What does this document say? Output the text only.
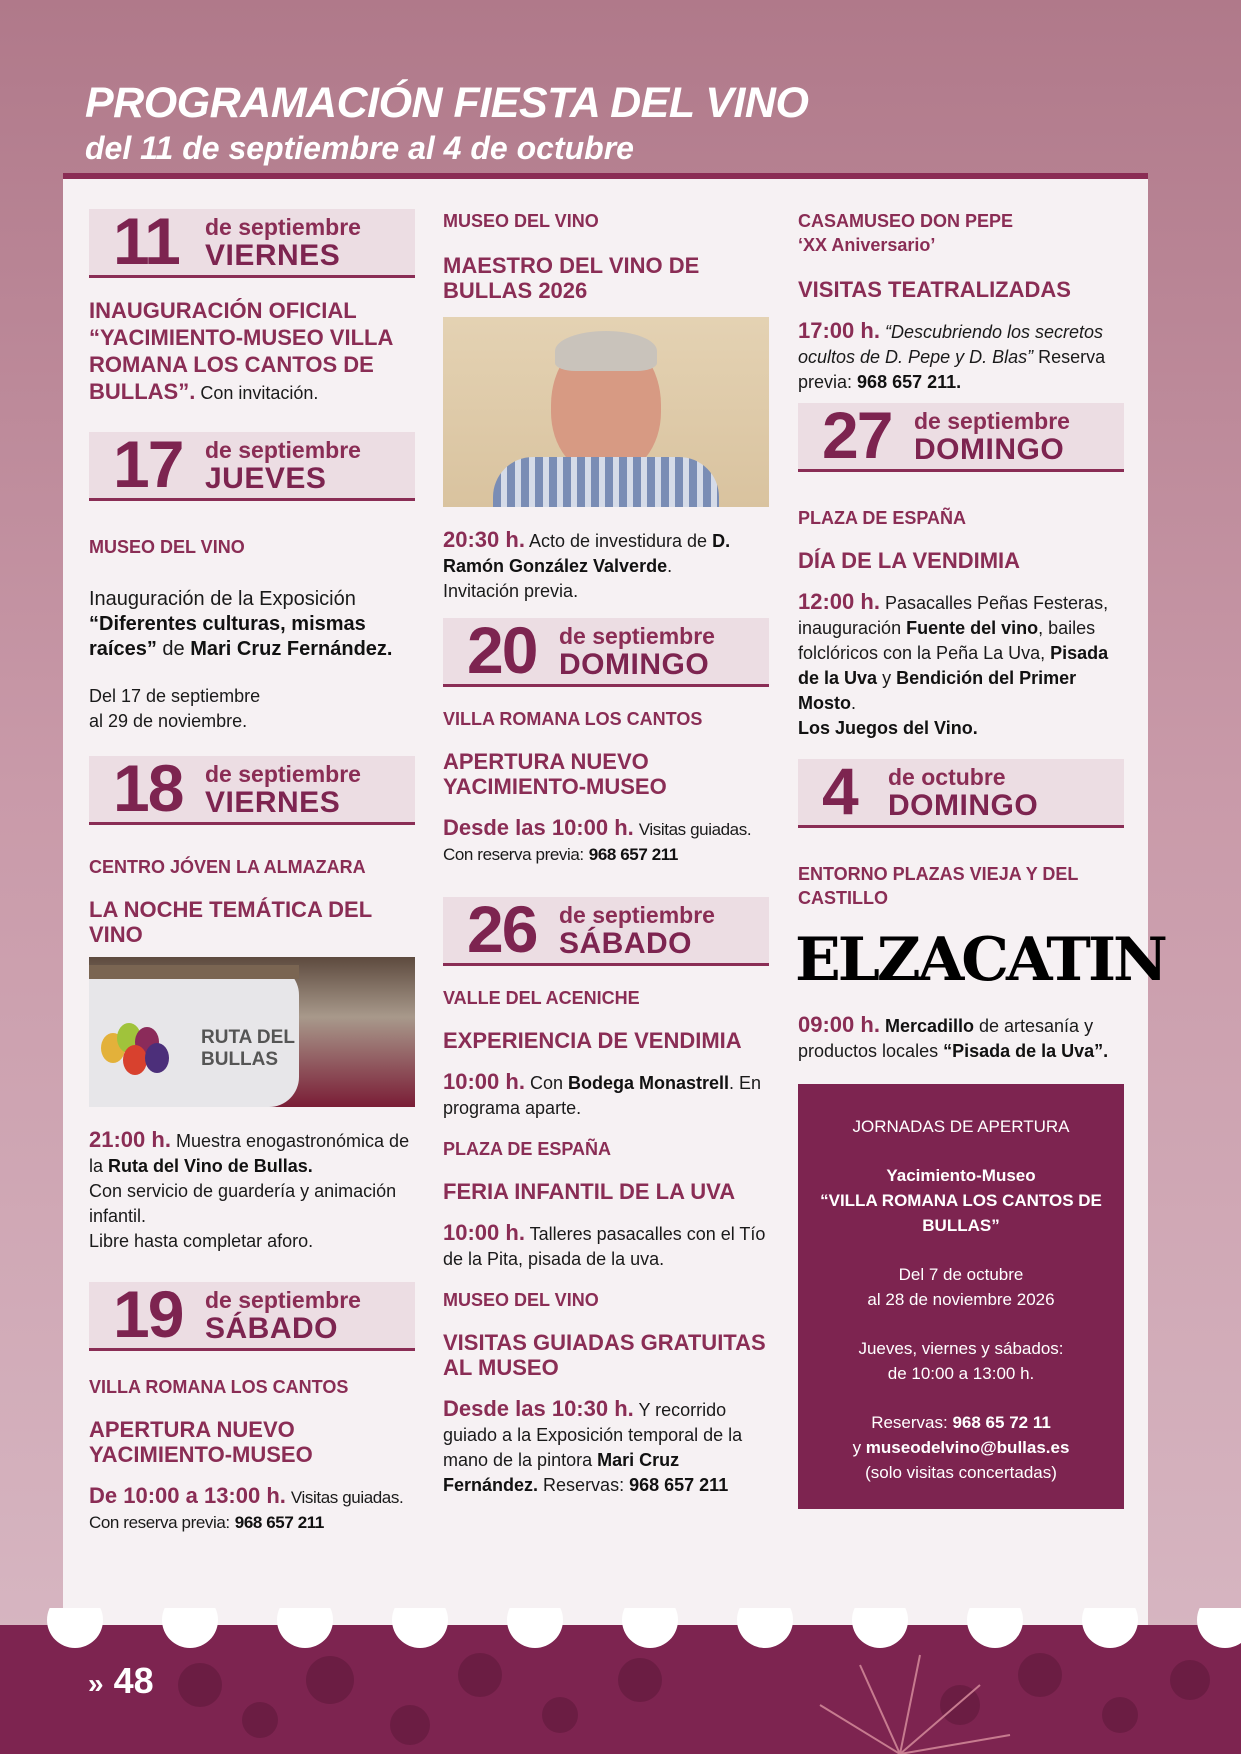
PROGRAMACIÓN FIESTA DEL VINO
del 11 de septiembre al 4 de octubre
11 de septiembre
VIERNES

INAUGURACIÓN OFICIAL “YACIMIENTO-MUSEO VILLA ROMANA LOS CANTOS DE BULLAS”. Con invitación.

17 de septiembre
JUEVES
MUSEO DEL VINO

Inauguración de la Exposición
“Diferentes culturas, mismas raíces” de Mari Cruz Fernández.

Del 17 de septiembre
al 29 de noviembre.

18 de septiembre
VIERNES
CENTRO JÓVEN LA ALMAZARA
LA NOCHE TEMÁTICA DEL VINO
RUTA DEL
BULLAS

21:00 h. Muestra enogastronómica de la Ruta del Vino de Bullas.
Con servicio de guardería y animación infantil.
Libre hasta completar aforo.

19 de septiembre
SÁBADO
VILLA ROMANA LOS CANTOS
APERTURA NUEVO YACIMIENTO-MUSEO

De 10:00 a 13:00 h. Visitas guiadas. Con reserva previa: 968 657 211

MUSEO DEL VINO
MAESTRO DEL VINO DE BULLAS 2026

20:30 h. Acto de investidura de D. Ramón González Valverde.
Invitación previa.

20 de septiembre
DOMINGO
VILLA ROMANA LOS CANTOS
APERTURA NUEVO YACIMIENTO-MUSEO

Desde las 10:00 h. Visitas guiadas. Con reserva previa: 968 657 211

26 de septiembre
SÁBADO
VALLE DEL ACENICHE
EXPERIENCIA DE VENDIMIA

10:00 h. Con Bodega Monastrell. En programa aparte.

PLAZA DE ESPAÑA
FERIA INFANTIL DE LA UVA

10:00 h. Talleres pasacalles con el Tío de la Pita, pisada de la uva.

MUSEO DEL VINO
VISITAS GUIADAS GRATUITAS AL MUSEO

Desde las 10:30 h. Y recorrido guiado a la Exposición temporal de la mano de la pintora Mari Cruz Fernández. Reservas: 968 657 211

CASAMUSEO DON PEPE
‘XX Aniversario’
VISITAS TEATRALIZADAS

17:00 h. “Descubriendo los secretos ocultos de D. Pepe y D. Blas” Reserva previa: 968 657 211.

27 de septiembre
DOMINGO
PLAZA DE ESPAÑA
DÍA DE LA VENDIMIA

12:00 h. Pasacalles Peñas Festeras, inauguración Fuente del vino, bailes folclóricos con la Peña La Uva, Pisada de la Uva y Bendición del Primer Mosto.
Los Juegos del Vino.

4 de octubre
DOMINGO
ENTORNO PLAZAS VIEJA Y DEL CASTILLO
ELZACATIN

09:00 h. Mercadillo de artesanía y productos locales “Pisada de la Uva”.

JORNADAS DE APERTURA

Yacimiento-Museo
“VILLA ROMANA LOS CANTOS DE BULLAS”

Del 7 de octubre
al 28 de noviembre 2026

Jueves, viernes y sábados:
de 10:00 a 13:00 h.

Reservas: 968 65 72 11
y museodelvino@bullas.es
(solo visitas concertadas)

» 48
